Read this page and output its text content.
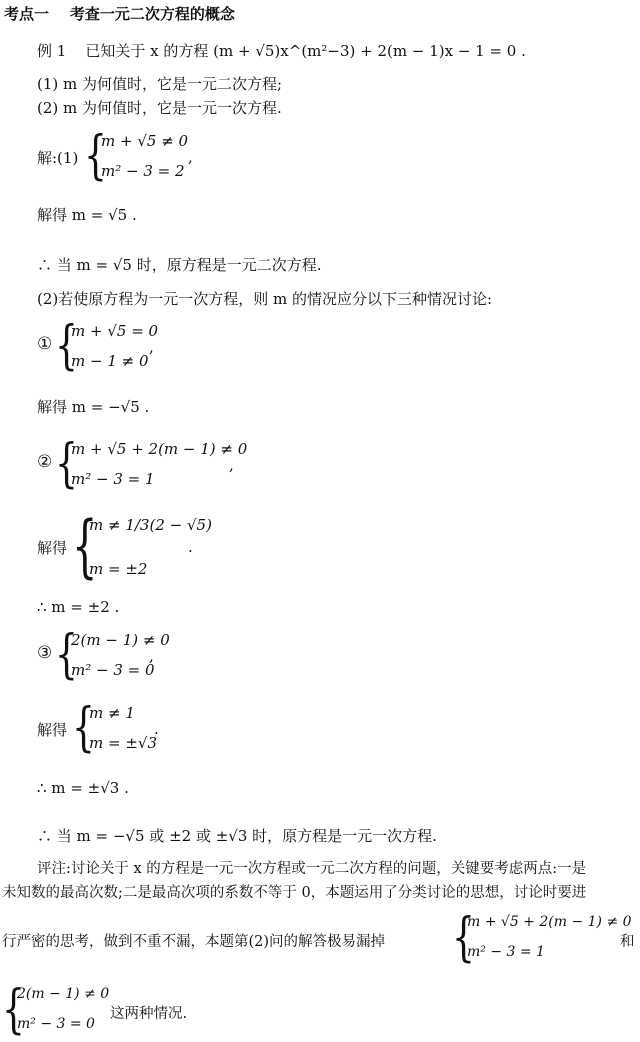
考点一 考查一元二次方程的概念
例 1 已知关于 x 的方程 (m + √5)x^(m²−3) + 2(m − 1)x − 1 = 0 .
(1) m 为何值时，它是一元二次方程;
(2) m 为何值时，它是一元一次方程.
解:(1) {
m + √5 ≠ 0
m² − 3 = 2
,
解得 m = √5 .
∴ 当 m = √5 时，原方程是一元二次方程.
(2)若使原方程为一元一次方程，则 m 的情况应分以下三种情况讨论:
① {
m + √5 = 0
m − 1 ≠ 0
,
解得 m = −√5 .
② {
m + √5 + 2(m − 1) ≠ 0
m² − 3 = 1
,
解得 {
m ≠ 1/3(2 − √5)
m = ±2
.
∴ m = ±2 .
③ {
2(m − 1) ≠ 0
m² − 3 = 0
,
解得 {
m ≠ 1
m = ±√3
.
∴ m = ±√3 .
∴ 当 m = −√5 或 ±2 或 ±√3 时，原方程是一元一次方程.
评注:讨论关于 x 的方程是一元一次方程或一元二次方程的问题，关键要考虑两点:一是
未知数的最高次数;二是最高次项的系数不等于 0，本题运用了分类讨论的思想，讨论时要进
行严密的思考，做到不重不漏，本题第(2)问的解答极易漏掉 {
m + √5 + 2(m − 1) ≠ 0
m² − 3 = 1
和
{
2(m − 1) ≠ 0
m² − 3 = 0
这两种情况.
